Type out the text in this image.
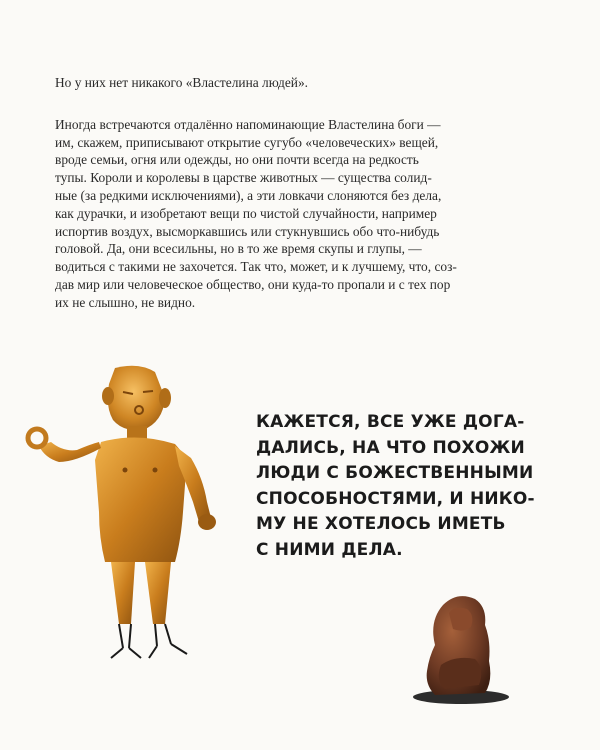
Но у них нет никакого «Властелина людей».

Иногда встречаются отдалённо напоминающие Властелина боги —
им, скажем, приписывают открытие сугубо «человеческих» вещей,
вроде семьи, огня или одежды, но они почти всегда на редкость
тупы. Короли и королевы в царстве животных — существа солид-
ные (за редкими исключениями), а эти ловкачи слоняются без дела,
как дурачки, и изобретают вещи по чистой случайности, например
испортив воздух, высморкавшись или стукнувшись обо что-нибудь
головой. Да, они всесильны, но в то же время скупы и глупы, —
водиться с такими не захочется. Так что, может, и к лучшему, что, соз-
дав мир или человеческое общество, они куда-то пропали и с тех пор
их не слышно, не видно.

КАЖЕТСЯ, ВСЕ УЖЕ ДОГА-
ДАЛИСЬ, НА ЧТО ПОХОЖИ
ЛЮДИ С БОЖЕСТВЕННЫМИ
СПОСОБНОСТЯМИ, И НИКО-
МУ НЕ ХОТЕЛОСЬ ИМЕТЬ
С НИМИ ДЕЛА.
